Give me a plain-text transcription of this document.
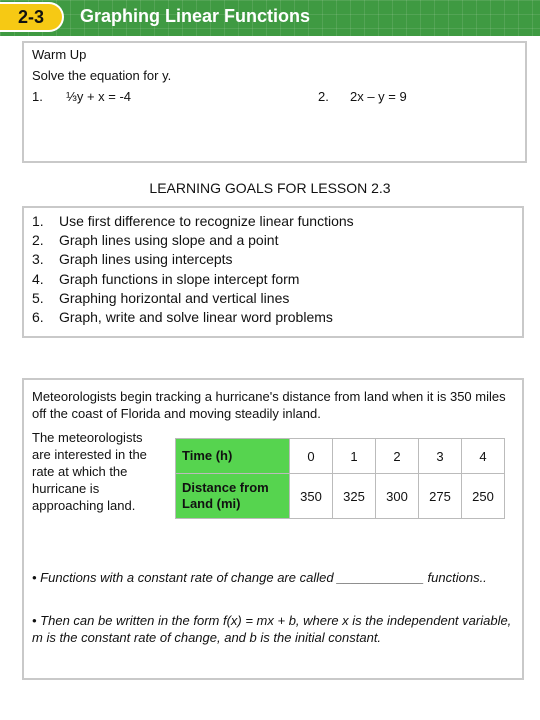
2-3	Graphing Linear Functions
Warm Up
Solve the equation for y.
1. ⅓y + x = -4	2. 2x – y = 9
LEARNING GOALS FOR LESSON 2.3
1.	Use first difference to recognize linear functions
2.	Graph lines using slope and a point
3.	Graph lines using intercepts
4.	Graph functions in slope intercept form
5.	Graphing horizontal and vertical lines
6.	Graph, write and solve linear word problems
Meteorologists begin tracking a hurricane's distance from land when it is 350 miles off the coast of Florida and moving steadily inland.
The meteorologists are interested in the rate at which the hurricane is approaching land.
Time (h)	0	1	2	3	4
Distance from Land (mi)	350	325	300	275	250
• Functions with a constant rate of change are called ____________ functions..
• Then can be written in the form f(x) = mx + b, where x is the independent variable, m is the constant rate of change, and b is the initial constant.
